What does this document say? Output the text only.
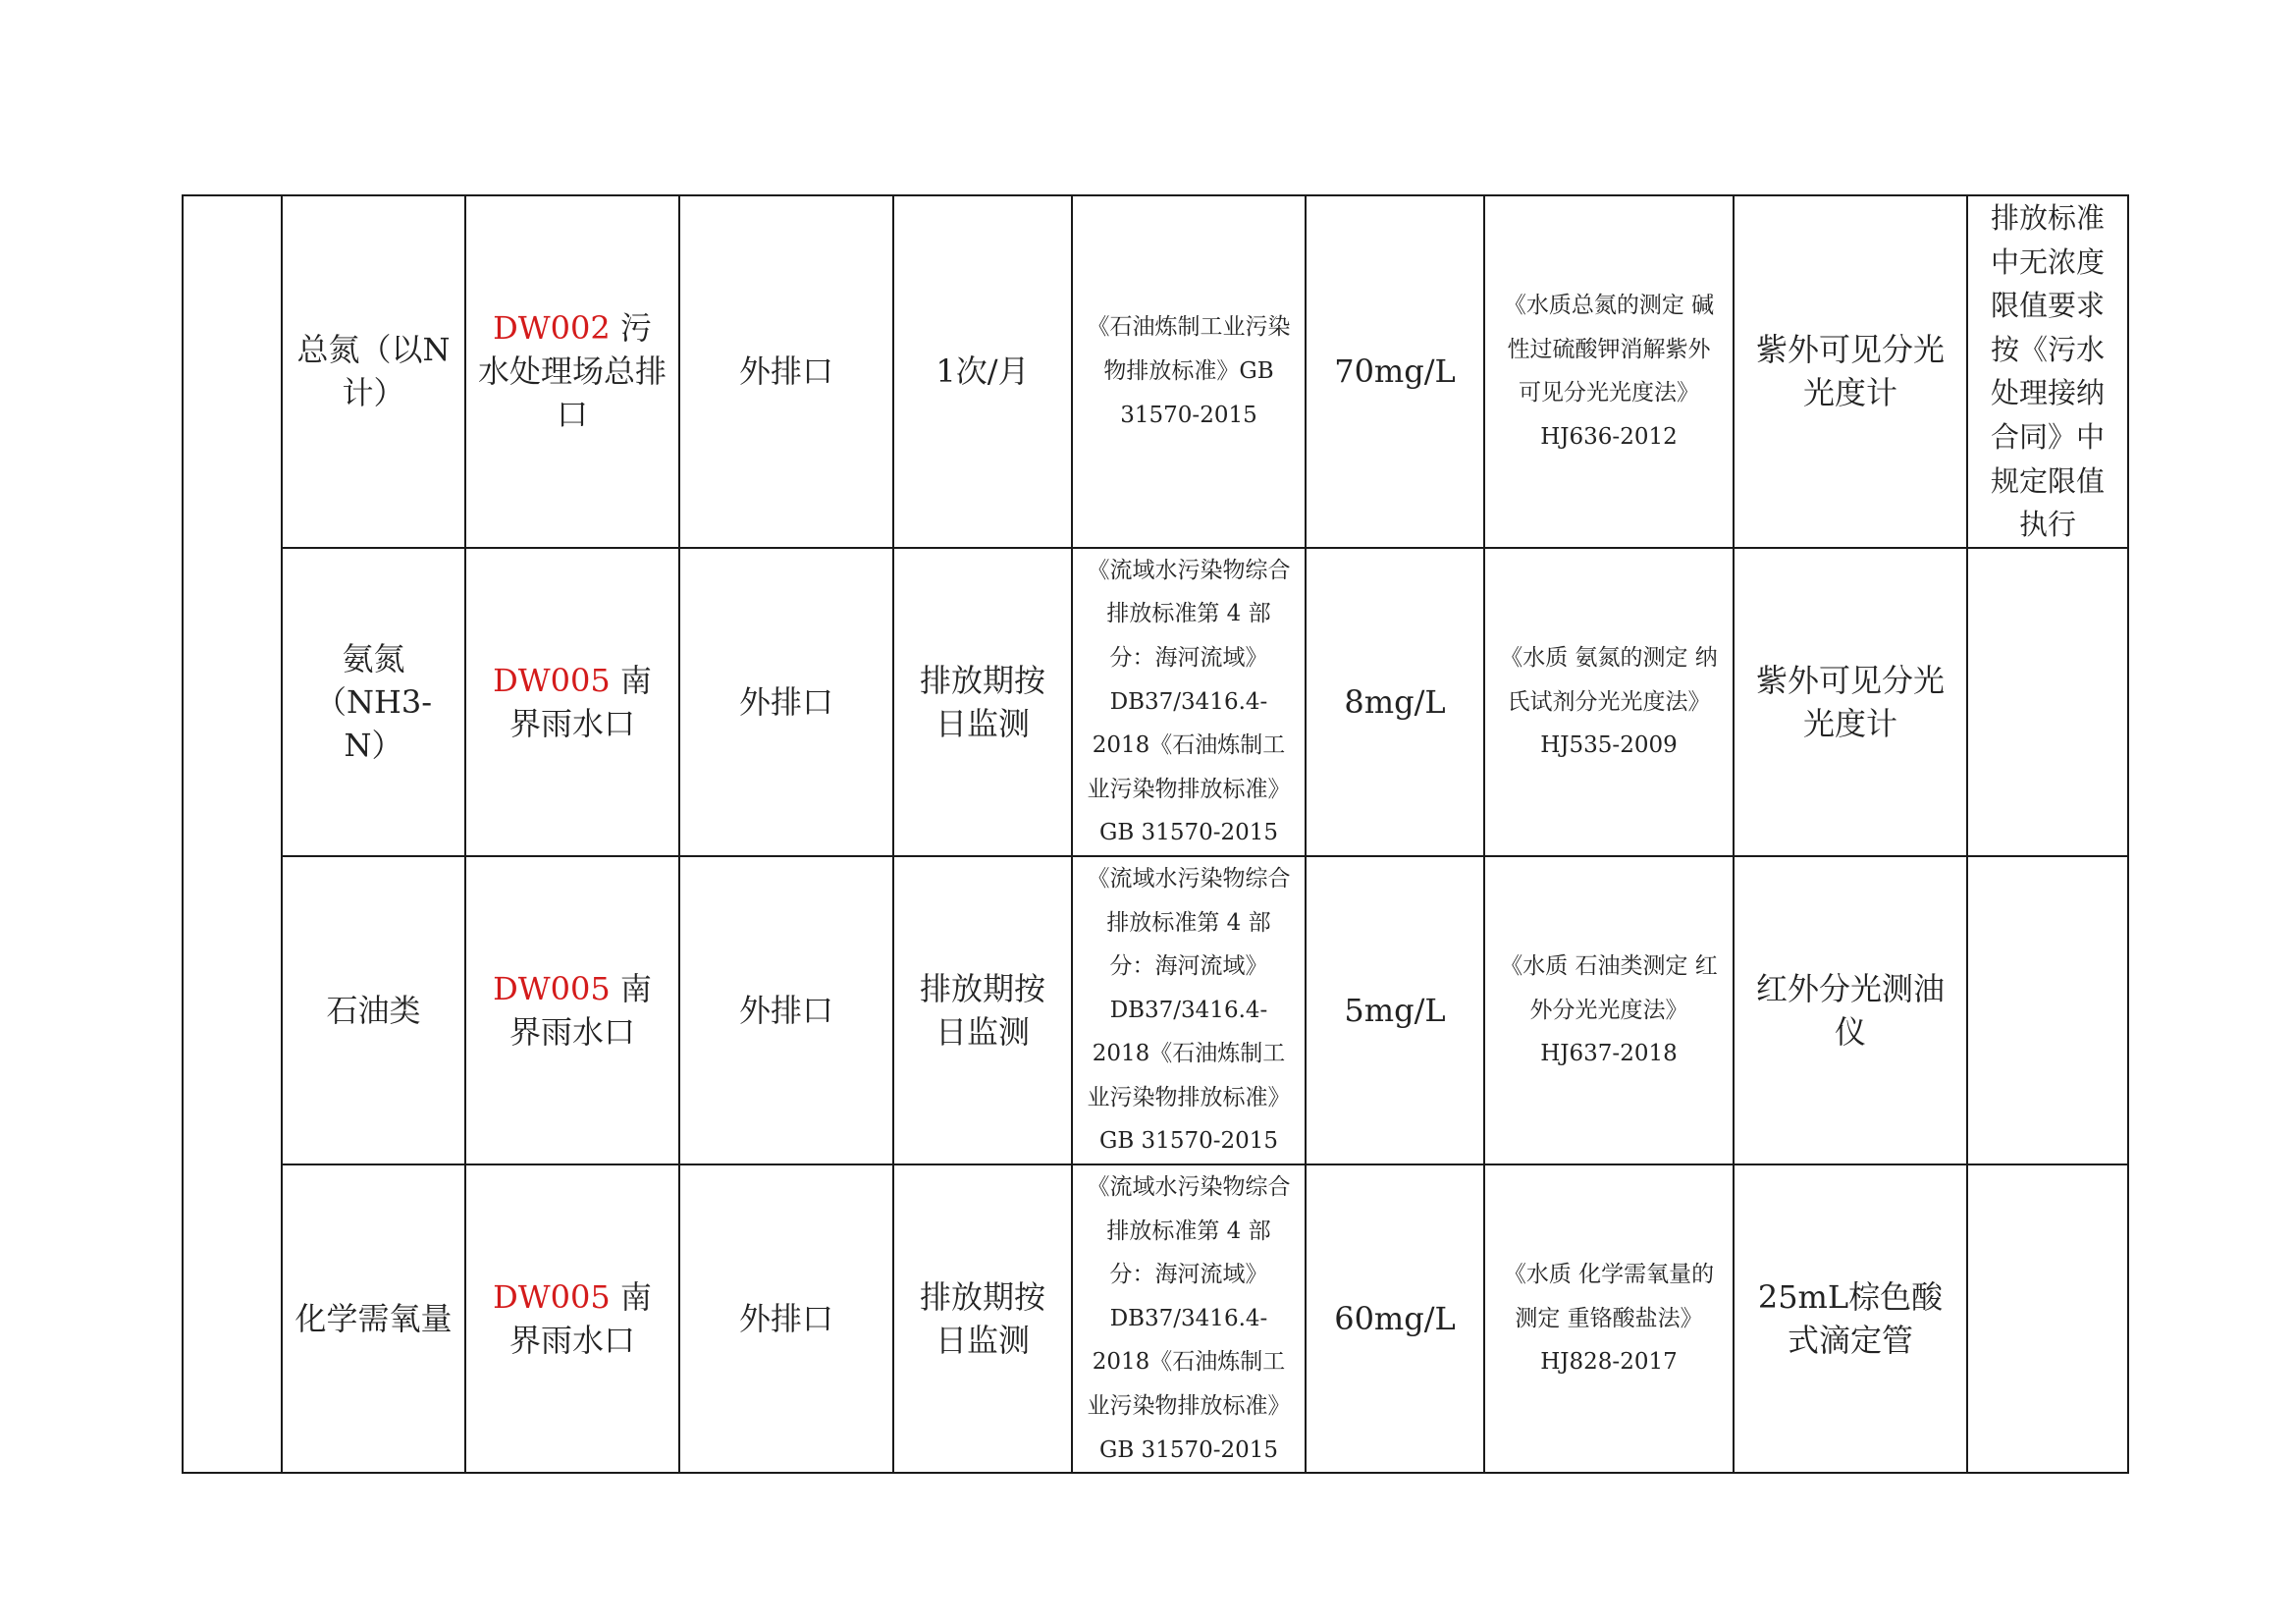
	总氮（以N计）	DW002 污水处理场总排口	外排口	1次/月	《石油炼制工业污染物排放标准》GB 31570-2015	70mg/L	《水质总氮的测定 碱性过硫酸钾消解紫外可见分光光度法》HJ636-2012	紫外可见分光光度计	排放标准中无浓度限值要求按《污水处理接纳合同》中规定限值执行
	氨氮（NH3-N）	DW005 南界雨水口	外排口	排放期按日监测	《流域水污染物综合排放标准第 4 部分：海河流域》DB37/3416.4-2018《石油炼制工业污染物排放标准》GB 31570-2015	8mg/L	《水质 氨氮的测定 纳氏试剂分光光度法》HJ535-2009	紫外可见分光光度计	
	石油类	DW005 南界雨水口	外排口	排放期按日监测	《流域水污染物综合排放标准第 4 部分：海河流域》DB37/3416.4-2018《石油炼制工业污染物排放标准》GB 31570-2015	5mg/L	《水质 石油类测定 红外分光光度法》HJ637-2018	红外分光测油仪	
	化学需氧量	DW005 南界雨水口	外排口	排放期按日监测	《流域水污染物综合排放标准第 4 部分：海河流域》DB37/3416.4-2018《石油炼制工业污染物排放标准》GB 31570-2015	60mg/L	《水质 化学需氧量的测定 重铬酸盐法》HJ828-2017	25mL棕色酸式滴定管	
